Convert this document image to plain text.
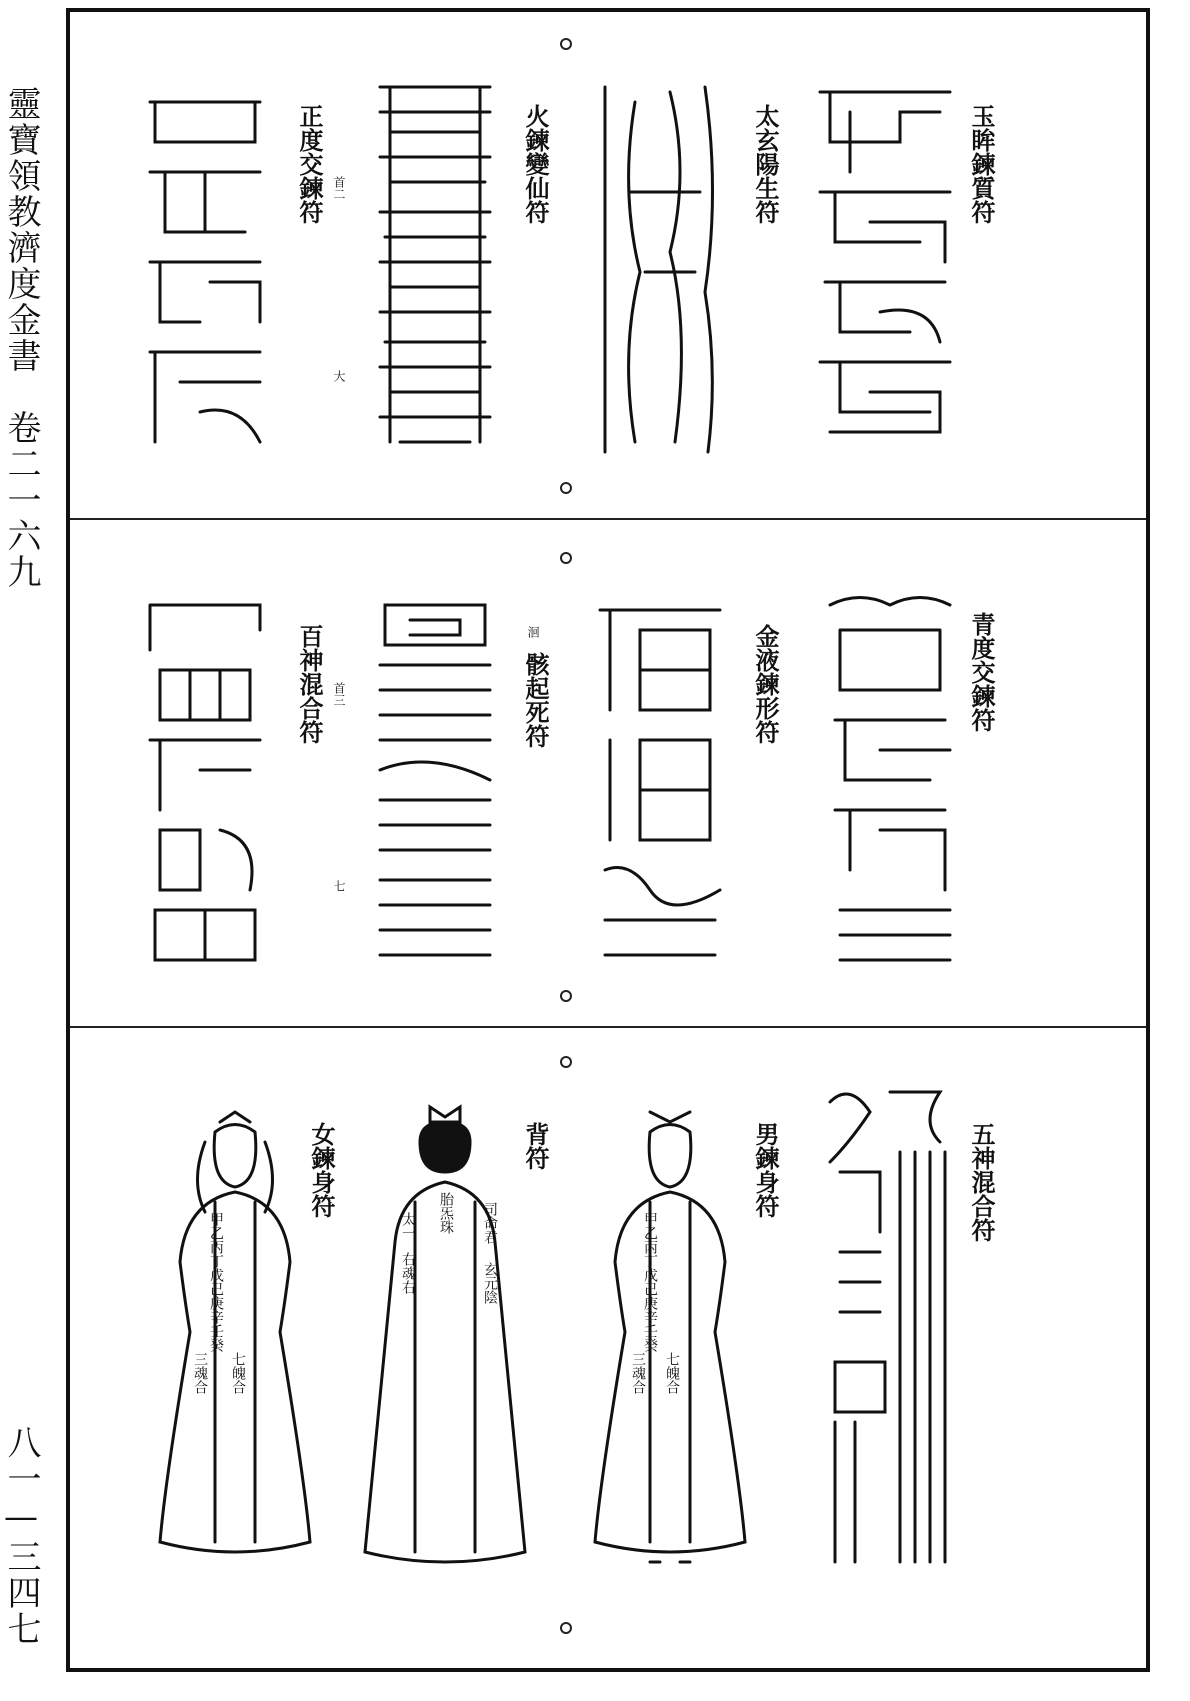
靈寶領教濟度金書　卷二一六九
八一—三四七
玉眸鍊質符
太玄陽生符
火鍊變仙符
正度交鍊符 首二
大
青度交鍊符
金液鍊形符
洄
骸起死符
百神混合符 首三
七
五神混合符
男鍊身符
背符
女鍊身符
甲乙丙丁戊己庚辛壬癸
七魄合
三魂合
胎炁珠
太一
右魂右
司命君
玄元陰
甲乙丙丁戊己庚辛壬癸
七魄合
三魂合
